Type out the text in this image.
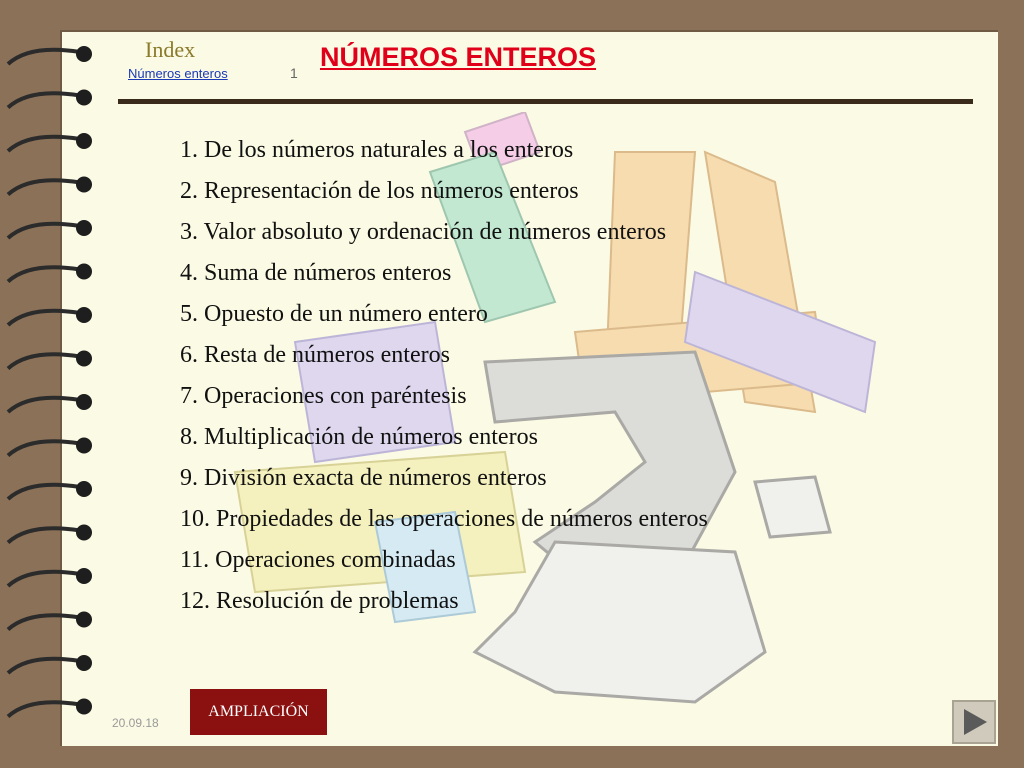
Index
Números enteros	1
NÚMEROS ENTEROS
1. De los números naturales a los enteros
2. Representación de los números enteros
3. Valor absoluto y ordenación de números enteros
4. Suma de números enteros
5. Opuesto de un número entero
6. Resta de números enteros
7. Operaciones con paréntesis
8. Multiplicación de números enteros
9. División exacta de números enteros
10. Propiedades de las operaciones de números enteros
11. Operaciones combinadas
12. Resolución de problemas
20.09.18
AMPLIACIÓN
